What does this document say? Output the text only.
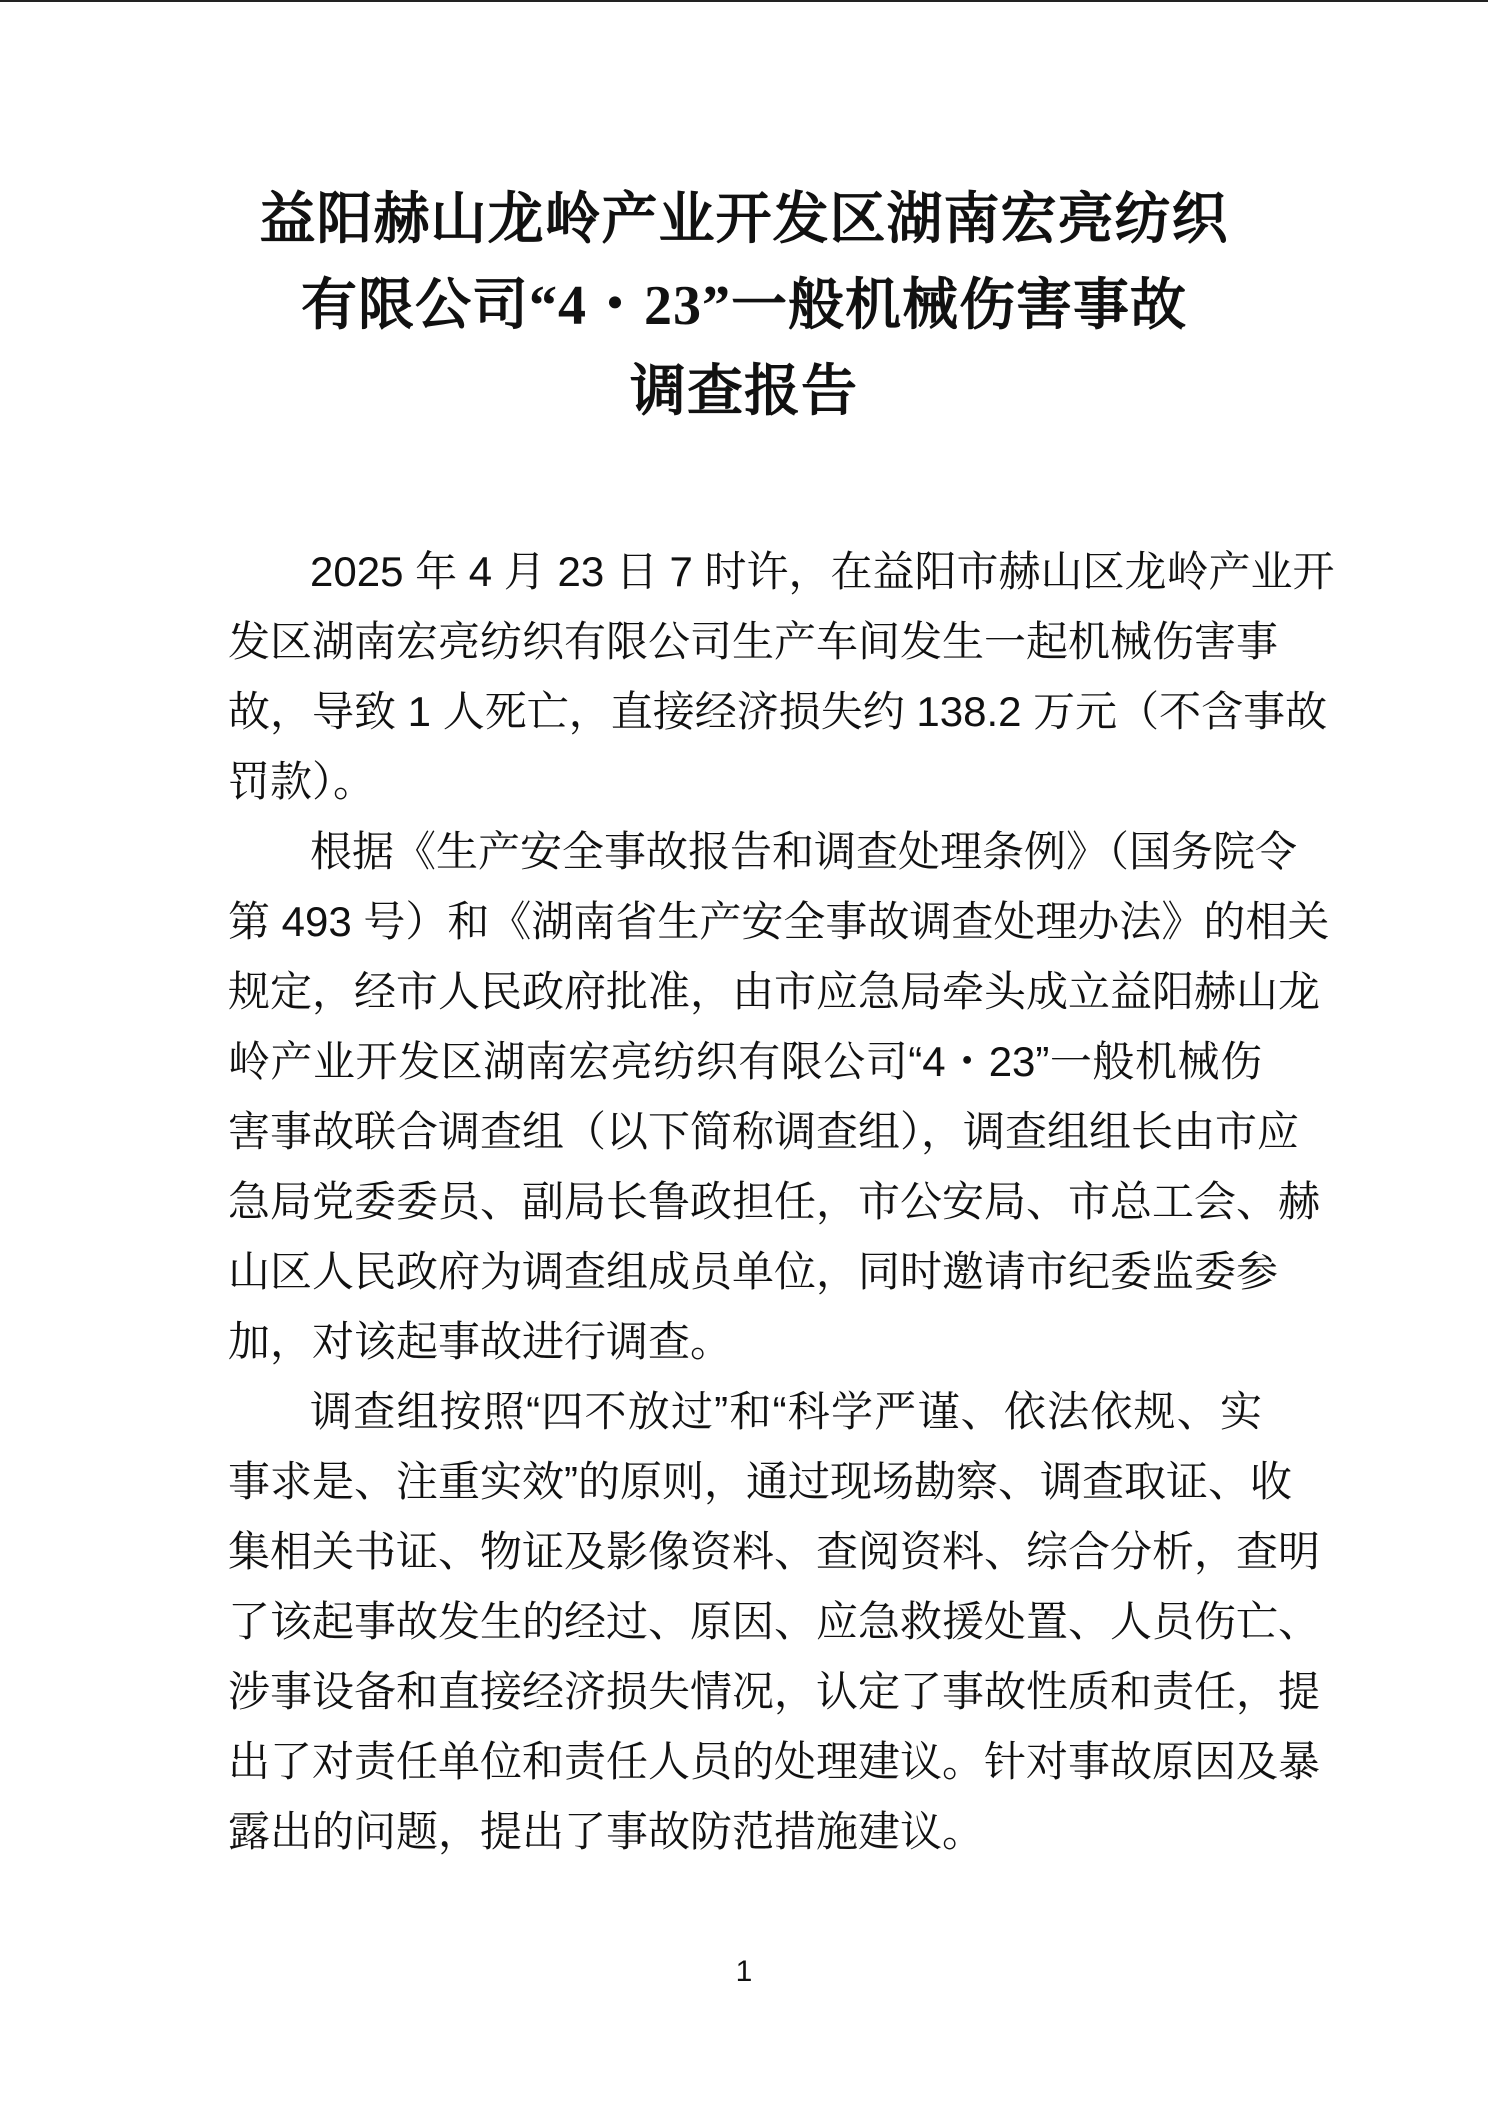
益阳赫山龙岭产业开发区湖南宏亮纺织
有限公司“4・23”一般机械伤害事故
调查报告
2025 年 4 月 23 日 7 时许，在益阳市赫山区龙岭产业开
发区湖南宏亮纺织有限公司生产车间发生一起机械伤害事
故，导致 1 人死亡，直接经济损失约 138.2 万元（不含事故
罚款）。
根据《生产安全事故报告和调查处理条例》（国务院令
第 493 号）和《湖南省生产安全事故调查处理办法》的相关
规定，经市人民政府批准，由市应急局牵头成立益阳赫山龙
岭产业开发区湖南宏亮纺织有限公司“4・23”一般机械伤
害事故联合调查组（以下简称调查组），调查组组长由市应
急局党委委员、副局长鲁政担任，市公安局、市总工会、赫
山区人民政府为调查组成员单位，同时邀请市纪委监委参
加，对该起事故进行调查。
调查组按照“四不放过”和“科学严谨、依法依规、实
事求是、注重实效”的原则，通过现场勘察、调查取证、收
集相关书证、物证及影像资料、查阅资料、综合分析，查明
了该起事故发生的经过、原因、应急救援处置、人员伤亡、
涉事设备和直接经济损失情况，认定了事故性质和责任，提
出了对责任单位和责任人员的处理建议。针对事故原因及暴
露出的问题，提出了事故防范措施建议。
1
